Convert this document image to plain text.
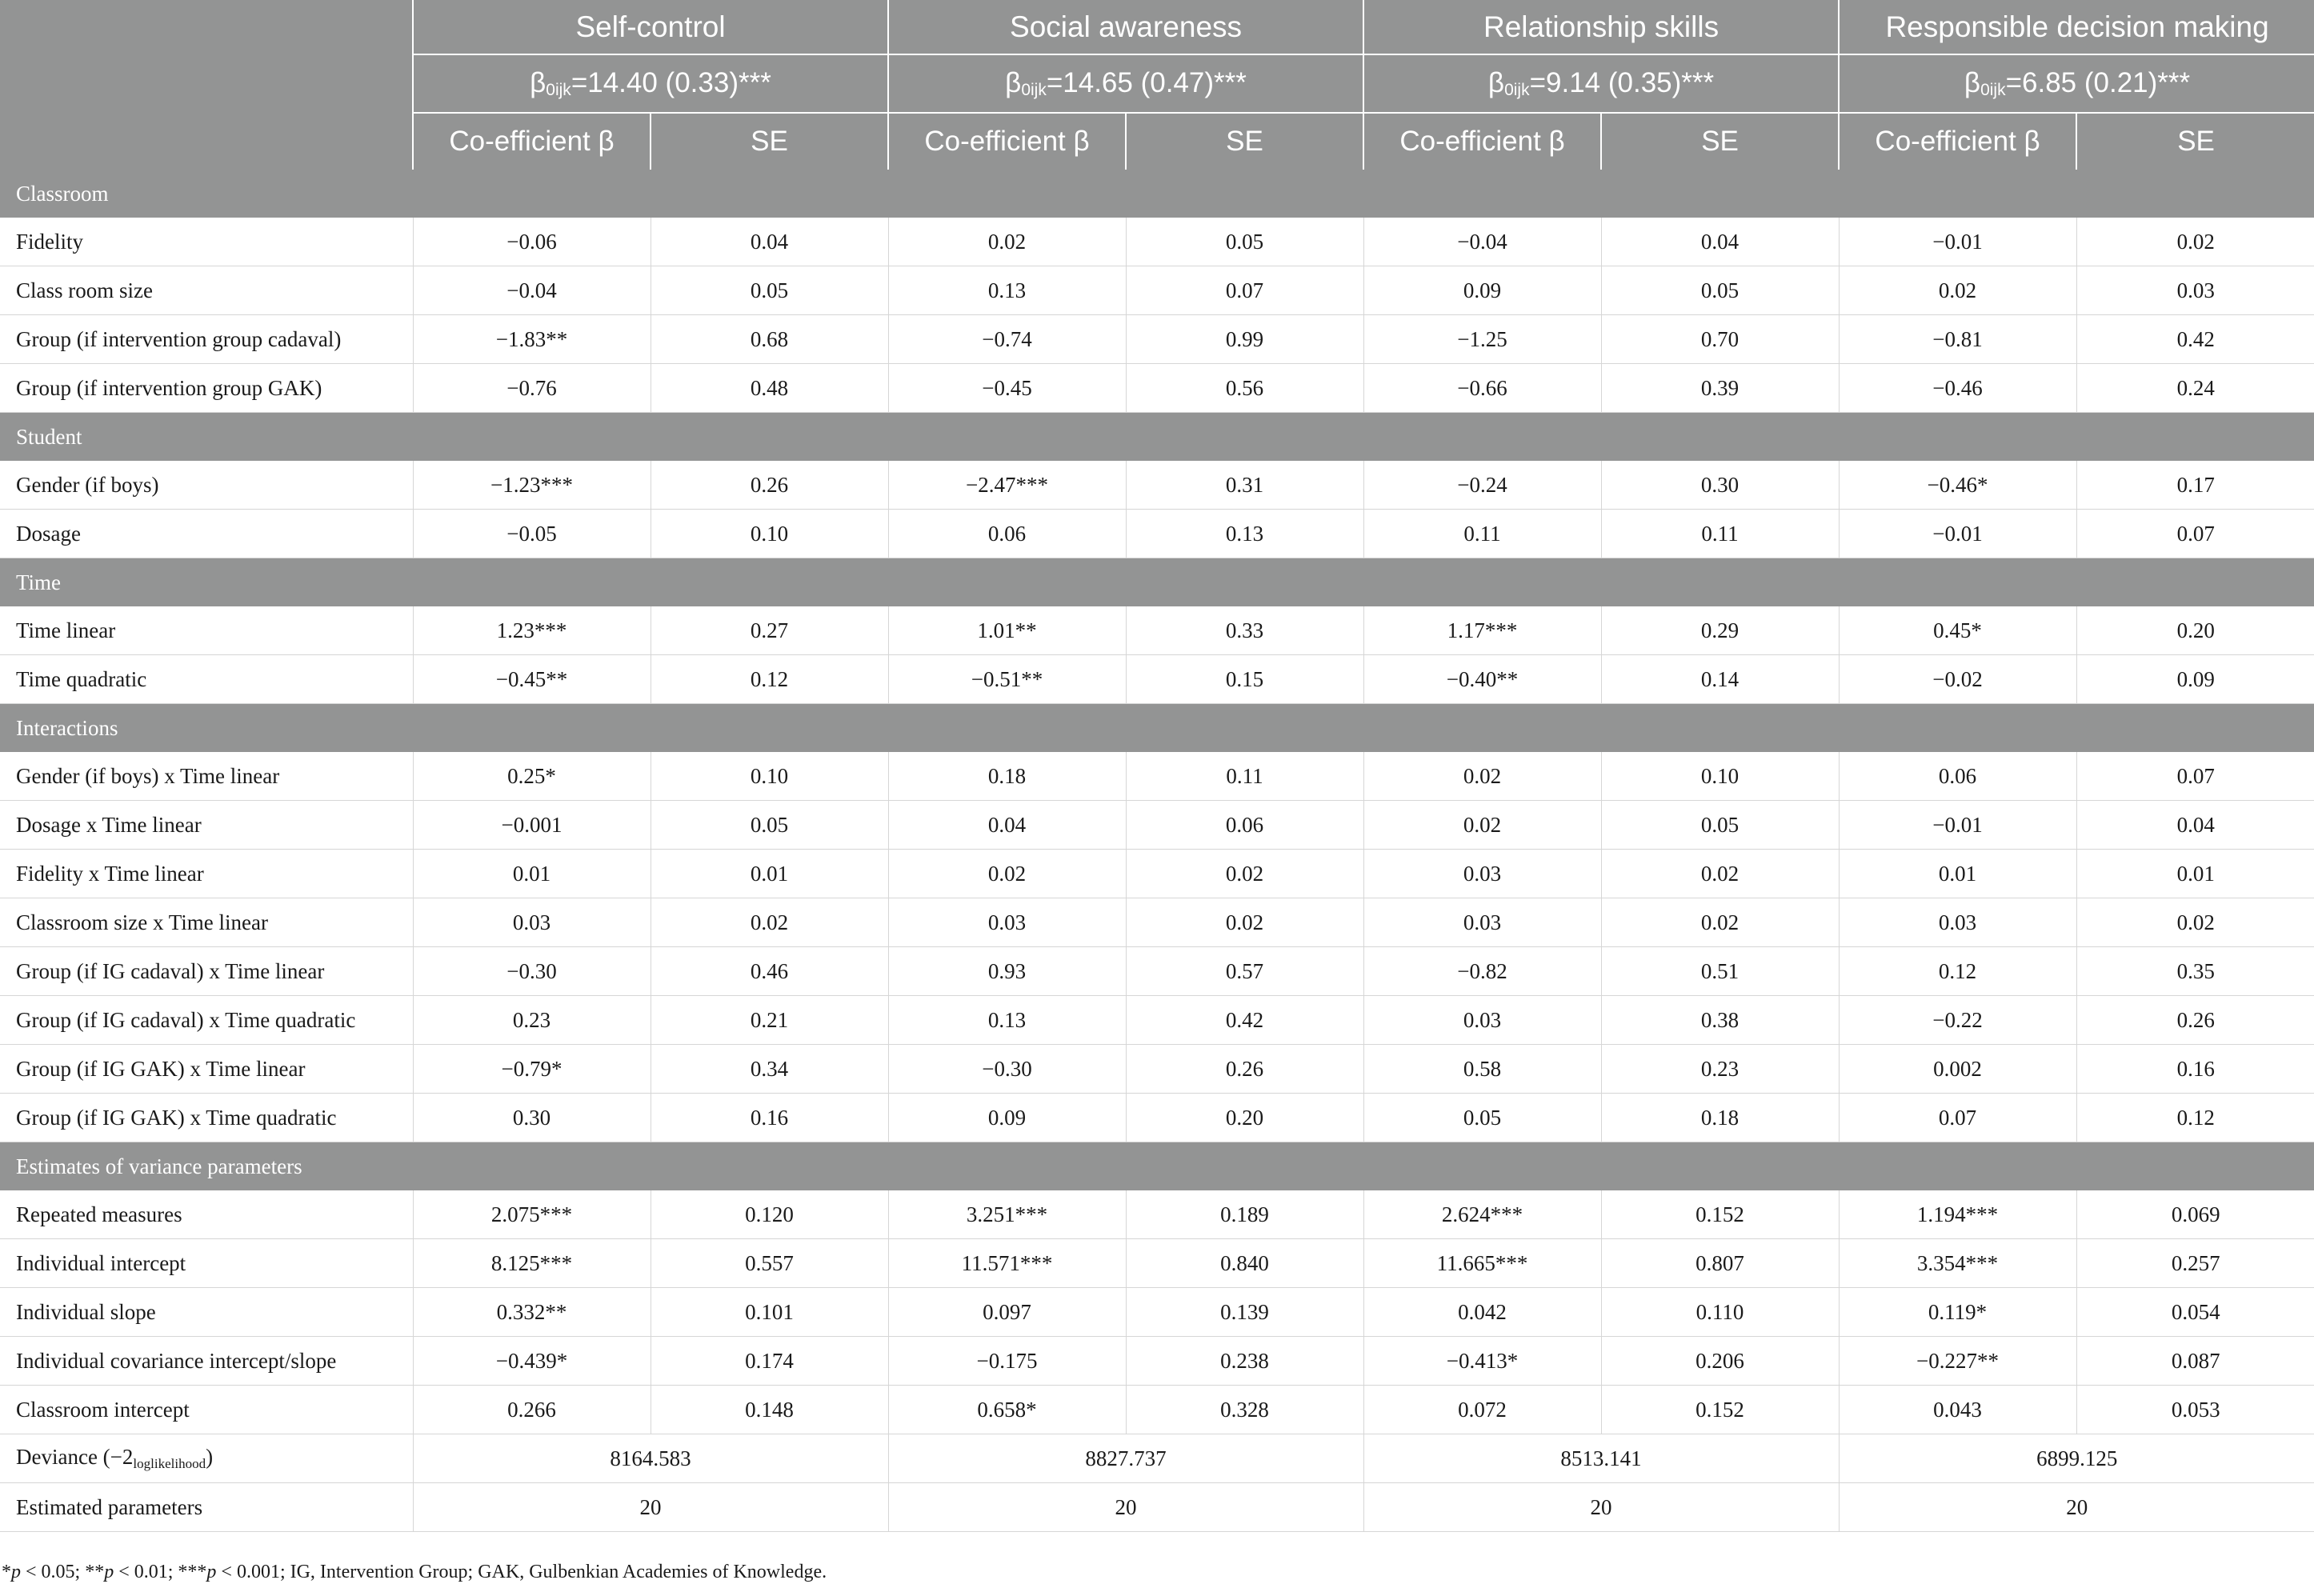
	Self-control		Social awareness		Relationship skills		Responsible decision making	
	β0ijk=14.40 (0.33)***		β0ijk=14.65 (0.47)***		β0ijk=9.14 (0.35)***		β0ijk=6.85 (0.21)***	
	Co-efficient β	SE	Co-efficient β	SE	Co-efficient β	SE	Co-efficient β	SE
Classroom								
Fidelity	−0.06	0.04	0.02	0.05	−0.04	0.04	−0.01	0.02
Class room size	−0.04	0.05	0.13	0.07	0.09	0.05	0.02	0.03
Group (if intervention group cadaval)	−1.83**	0.68	−0.74	0.99	−1.25	0.70	−0.81	0.42
Group (if intervention group GAK)	−0.76	0.48	−0.45	0.56	−0.66	0.39	−0.46	0.24
Student								
Gender (if boys)	−1.23***	0.26	−2.47***	0.31	−0.24	0.30	−0.46*	0.17
Dosage	−0.05	0.10	0.06	0.13	0.11	0.11	−0.01	0.07
Time								
Time linear	1.23***	0.27	1.01**	0.33	1.17***	0.29	0.45*	0.20
Time quadratic	−0.45**	0.12	−0.51**	0.15	−0.40**	0.14	−0.02	0.09
Interactions								
Gender (if boys) x Time linear	0.25*	0.10	0.18	0.11	0.02	0.10	0.06	0.07
Dosage x Time linear	−0.001	0.05	0.04	0.06	0.02	0.05	−0.01	0.04
Fidelity x Time linear	0.01	0.01	0.02	0.02	0.03	0.02	0.01	0.01
Classroom size x Time linear	0.03	0.02	0.03	0.02	0.03	0.02	0.03	0.02
Group (if IG cadaval) x Time linear	−0.30	0.46	0.93	0.57	−0.82	0.51	0.12	0.35
Group (if IG cadaval) x Time quadratic	0.23	0.21	0.13	0.42	0.03	0.38	−0.22	0.26
Group (if IG GAK) x Time linear	−0.79*	0.34	−0.30	0.26	0.58	0.23	0.002	0.16
Group (if IG GAK) x Time quadratic	0.30	0.16	0.09	0.20	0.05	0.18	0.07	0.12
Estimates of variance parameters								
Repeated measures	2.075***	0.120	3.251***	0.189	2.624***	0.152	1.194***	0.069
Individual intercept	8.125***	0.557	11.571***	0.840	11.665***	0.807	3.354***	0.257
Individual slope	0.332**	0.101	0.097	0.139	0.042	0.110	0.119*	0.054
Individual covariance intercept/slope	−0.439*	0.174	−0.175	0.238	−0.413*	0.206	−0.227**	0.087
Classroom intercept	0.266	0.148	0.658*	0.328	0.072	0.152	0.043	0.053
Deviance (−2loglikelihood)	8164.583		8827.737		8513.141		6899.125	
Estimated parameters	20		20		20		20	
*p < 0.05; **p < 0.01; ***p < 0.001; IG, Intervention Group; GAK, Gulbenkian Academies of Knowledge.
